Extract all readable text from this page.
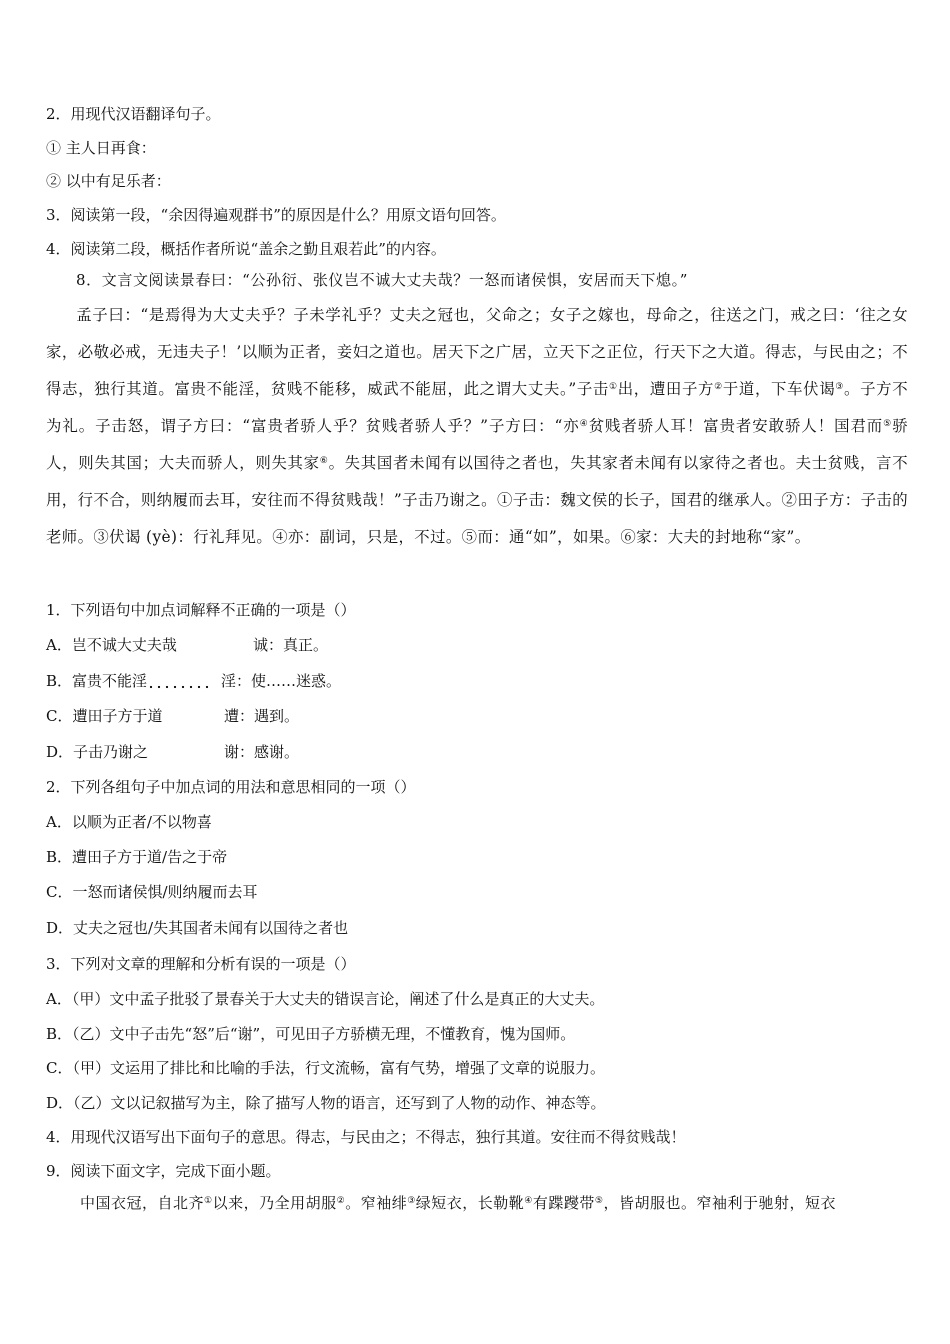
2．用现代汉语翻译句子。
① 主人日再食：
② 以中有足乐者：
3．阅读第一段，“余因得遍观群书”的原因是什么？用原文语句回答。
4．阅读第二段，概括作者所说“盖余之勤且艰若此”的内容。
8．文言文阅读景春曰：“公孙衍、张仪岂不诚大丈夫哉？一怒而诸侯惧，安居而天下熄。”
孟子曰：“是焉得为大丈夫乎？子未学礼乎？丈夫之冠也，父命之；女子之嫁也，母命之，往送之门，戒之曰：‘往之女家，必敬必戒，无违夫子！’以顺为正者，妾妇之道也。居天下之广居，立天下之正位，行天下之大道。得志，与民由之；不得志，独行其道。富贵不能淫，贫贱不能移，威武不能屈，此之谓大丈夫。”子击①出，遭田子方②于道，下车伏谒③。子方不为礼。子击怒，谓子方曰：“富贵者骄人乎？贫贱者骄人乎？”子方曰：“亦④贫贱者骄人耳！富贵者安敢骄人！国君而⑤骄人，则失其国；大夫而骄人，则失其家⑥。失其国者未闻有以国待之者也，失其家者未闻有以家待之者也。夫士贫贱，言不用，行不合，则纳履而去耳，安往而不得贫贱哉！”子击乃谢之。①子击：魏文侯的长子，国君的继承人。②田子方：子击的老师。③伏谒 (yè)：行礼拜见。④亦：副词，只是，不过。⑤而：通“如”，如果。⑥家：大夫的封地称“家”。
1．下列语句中加点词解释不正确的一项是（）
A．岂不诚大丈夫哉	诚：真正。
B．富贵不能淫	淫：使……迷惑。
C．遭田子方于道	遭：遇到。
D．子击乃谢之	谢：感谢。
2．下列各组句子中加点词的用法和意思相同的一项（）
A．以顺为正者/不以物喜
B．遭田子方于道/告之于帝
C．一怒而诸侯惧/则纳履而去耳
D．丈夫之冠也/失其国者未闻有以国待之者也
3．下列对文章的理解和分析有误的一项是（）
A．（甲）文中孟子批驳了景春关于大丈夫的错误言论，阐述了什么是真正的大丈夫。
B．（乙）文中子击先“怒”后“谢”，可见田子方骄横无理，不懂教育，愧为国师。
C．（甲）文运用了排比和比喻的手法，行文流畅，富有气势，增强了文章的说服力。
D．（乙）文以记叙描写为主，除了描写人物的语言，还写到了人物的动作、神态等。
4．用现代汉语写出下面句子的意思。得志，与民由之；不得志，独行其道。安往而不得贫贱哉！
9．阅读下面文字，完成下面小题。
中国衣冠，自北齐①以来，乃全用胡服②。窄袖绯③绿短衣，长勒靴④有蹀躞带⑤，皆胡服也。窄袖利于驰射，短衣
